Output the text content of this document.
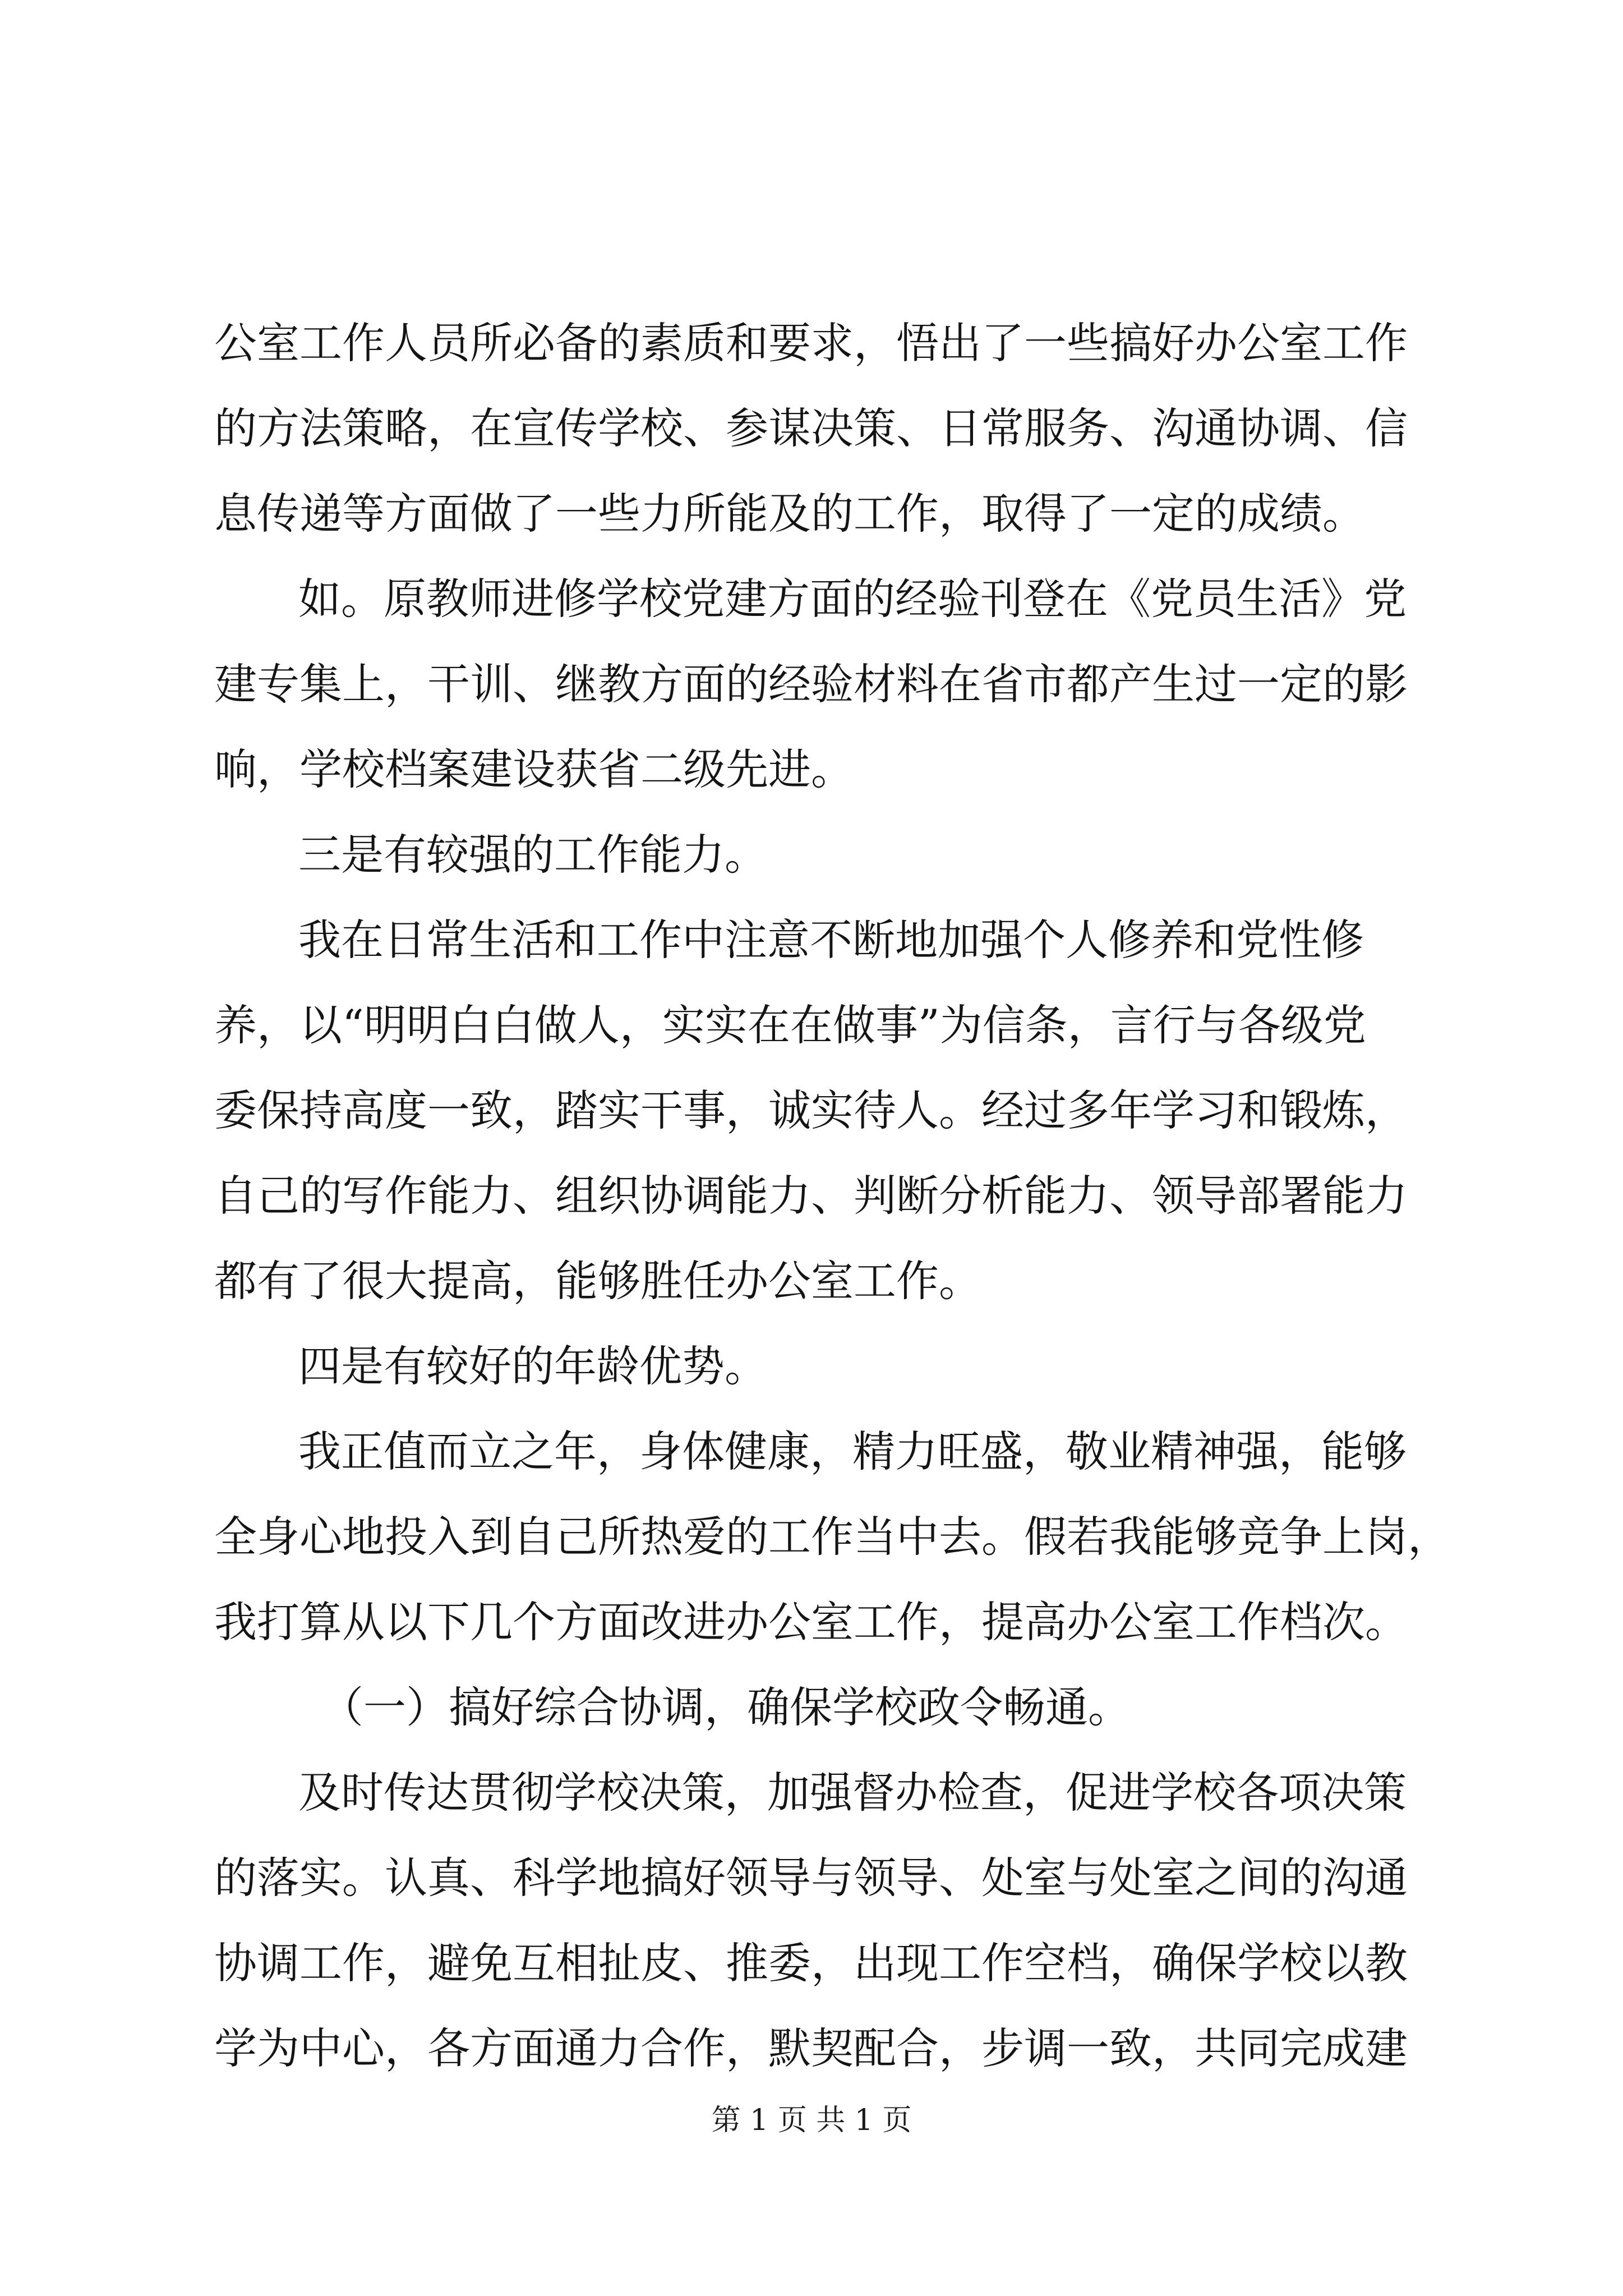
公室工作人员所必备的素质和要求，悟出了一些搞好办公室工作
的方法策略，在宣传学校、参谋决策、日常服务、沟通协调、信
息传递等方面做了一些力所能及的工作，取得了一定的成绩。
如。原教师进修学校党建方面的经验刊登在《党员生活》党
建专集上，干训、继教方面的经验材料在省市都产生过一定的影
响，学校档案建设获省二级先进。
三是有较强的工作能力。
我在日常生活和工作中注意不断地加强个人修养和党性修
养，以“明明白白做人，实实在在做事”为信条，言行与各级党
委保持高度一致，踏实干事，诚实待人。经过多年学习和锻炼，
自己的写作能力、组织协调能力、判断分析能力、领导部署能力
都有了很大提高，能够胜任办公室工作。
四是有较好的年龄优势。
我正值而立之年，身体健康，精力旺盛，敬业精神强，能够
全身心地投入到自己所热爱的工作当中去。假若我能够竞争上岗，
我打算从以下几个方面改进办公室工作，提高办公室工作档次。
（一）搞好综合协调，确保学校政令畅通。
及时传达贯彻学校决策，加强督办检查，促进学校各项决策
的落实。认真、科学地搞好领导与领导、处室与处室之间的沟通
协调工作，避免互相扯皮、推委，出现工作空档，确保学校以教
学为中心，各方面通力合作，默契配合，步调一致，共同完成建
第 1 页 共 1 页
